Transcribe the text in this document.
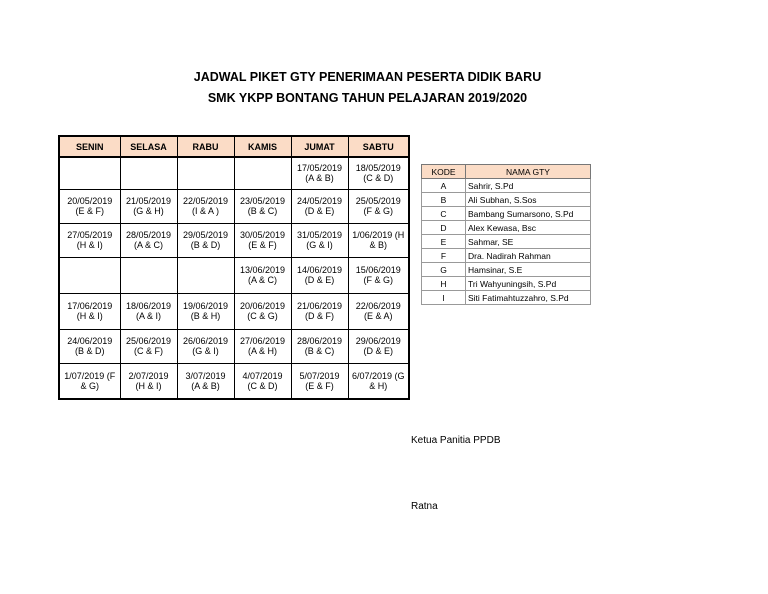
JADWAL PIKET GTY PENERIMAAN PESERTA DIDIK BARU
SMK YKPP BONTANG TAHUN PELAJARAN 2019/2020
SENIN	SELASA	RABU	KAMIS	JUMAT	SABTU

				17/05/2019
(A & B)	18/05/2019
(C & D)

20/05/2019
(E & F)	21/05/2019
(G & H)	22/05/2019
(I & A )	23/05/2019
(B & C)	24/05/2019
(D & E)	25/05/2019
(F & G)

27/05/2019
(H & I)	28/05/2019
(A & C)	29/05/2019
(B & D)	30/05/2019
(E & F)	31/05/2019
(G & I)	1/06/2019 (H
& B)

			13/06/2019
(A & C)	14/06/2019
(D & E)	15/06/2019
(F & G)

17/06/2019
(H & I)	18/06/2019
(A & I)	19/06/2019
(B & H)	20/06/2019
(C & G)	21/06/2019
(D & F)	22/06/2019
(E & A)

24/06/2019
(B & D)	25/06/2019
(C & F)	26/06/2019
(G & I)	27/06/2019
(A & H)	28/06/2019
(B & C)	29/06/2019
(D & E)

1/07/2019 (F
& G)	2/07/2019
(H & I)	3/07/2019
(A & B)	4/07/2019
(C & D)	5/07/2019
(E & F)	6/07/2019 (G
& H)
KODE	NAMA GTY
A	Sahrir, S.Pd
B	Ali Subhan, S.Sos
C	Bambang Sumarsono, S.Pd
D	Alex Kewasa, Bsc
E	Sahmar, SE
F	Dra. Nadirah Rahman
G	Hamsinar, S.E
H	Tri Wahyuningsih, S.Pd
I	Siti Fatimahtuzzahro, S.Pd
Ketua Panitia PPDB
Ratna
